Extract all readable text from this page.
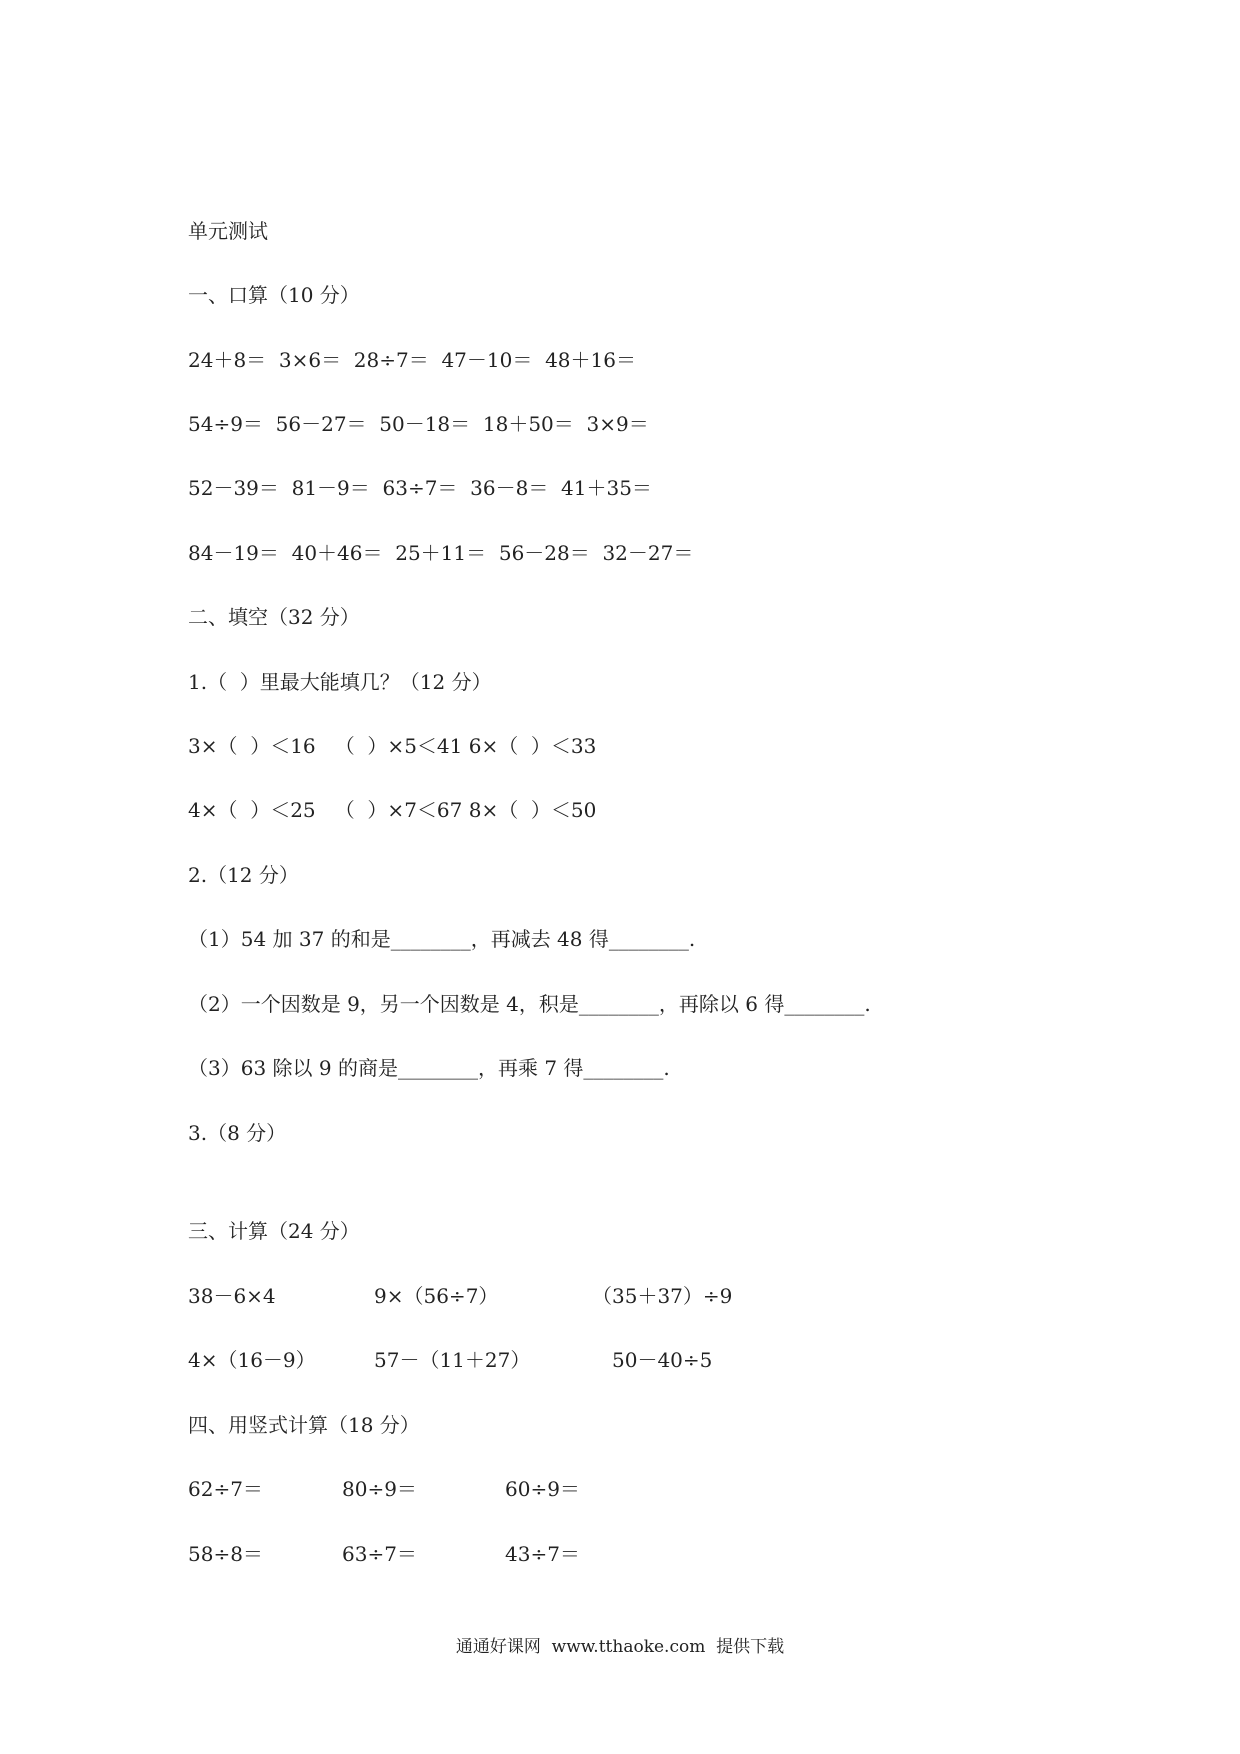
单元测试
一、口算（10 分）
24＋8＝  3×6＝  28÷7＝  47－10＝  48＋16＝
54÷9＝  56－27＝  50－18＝  18＋50＝  3×9＝
52－39＝  81－9＝  63÷7＝  36－8＝  41＋35＝
84－19＝  40＋46＝  25＋11＝  56－28＝  32－27＝
二、填空（32 分）
1.（  ）里最大能填几？（12 分）
3×（  ）＜16   （  ）×5＜41 6×（  ）＜33
4×（  ）＜25   （  ）×7＜67 8×（  ）＜50
2.（12 分）
（1）54 加 37 的和是________，再减去 48 得________.
（2）一个因数是 9，另一个因数是 4，积是________，再除以 6 得________.
（3）63 除以 9 的商是________，再乘 7 得________.
3.（8 分）
三、计算（24 分）
38－6×4	9×（56÷7）	（35＋37）÷9
4×（16－9）	57－（11＋27）	50－40÷5
四、用竖式计算（18 分）
62÷7＝	80÷9＝	60÷9＝
58÷8＝	63÷7＝	43÷7＝
通通好课网  www.tthaoke.com  提供下载
